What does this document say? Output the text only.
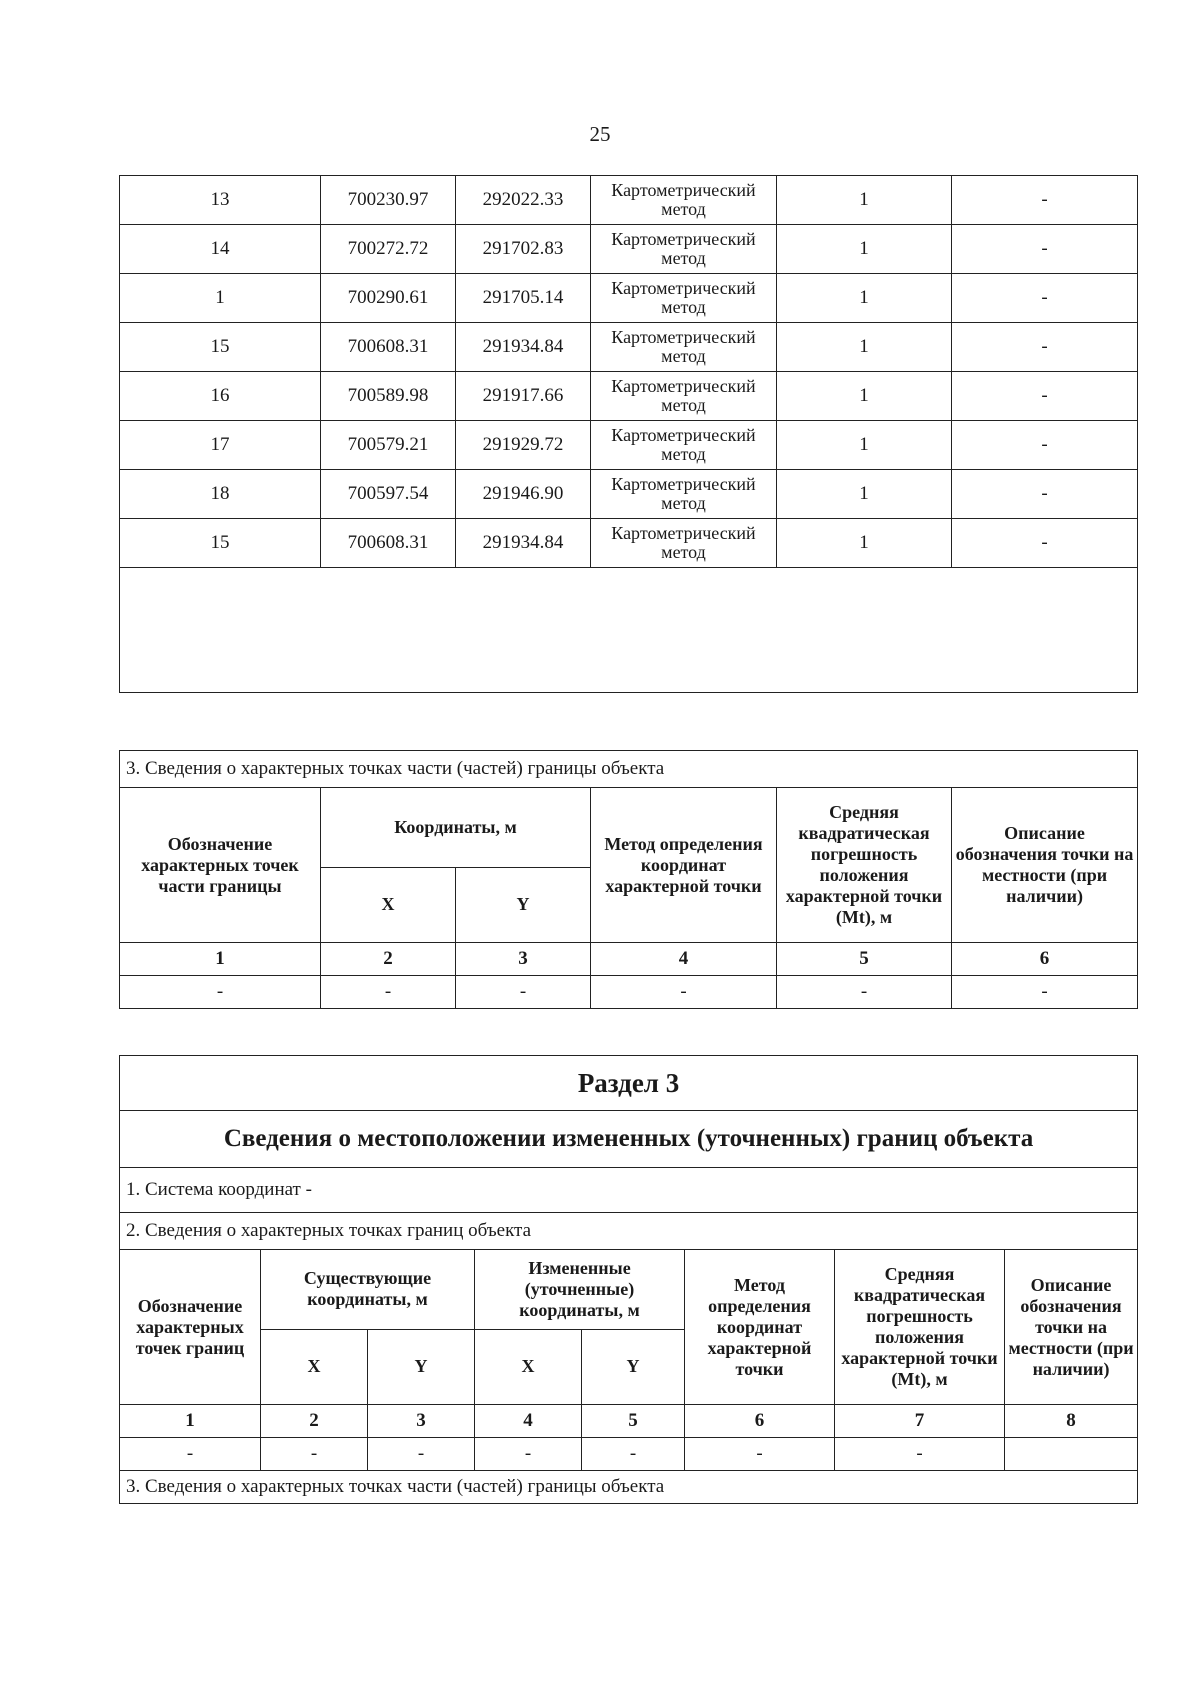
25
13	700230.97	292022.33	Картометрический метод	1	-
14	700272.72	291702.83	Картометрический метод	1	-
1	700290.61	291705.14	Картометрический метод	1	-
15	700608.31	291934.84	Картометрический метод	1	-
16	700589.98	291917.66	Картометрический метод	1	-
17	700579.21	291929.72	Картометрический метод	1	-
18	700597.54	291946.90	Картометрический метод	1	-
15	700608.31	291934.84	Картометрический метод	1	-

3. Сведения о характерных точках части (частей) границы объекта					
Обозначение характерных точек части границы	Координаты, м		Метод определения координат характерной точки	Средняя квадратическая погрешность положения характерной точки (Mt), м	Описание обозначения точки на местности (при наличии)
	X	Y			
1	2	3	4	5	6
-	-	-	-	-	-
Раздел 3							
Сведения о местоположении измененных (уточненных) границ объекта							
1. Система координат -							
2. Сведения о характерных точках границ объекта							
Обозначение характерных точек границ	Существующие координаты, м		Измененные (уточненные) координаты, м		Метод определения координат характерной точки	Средняя квадратическая погрешность положения характерной точки (Mt), м	Описание обозначения точки на местности (при наличии)
	X	Y	X	Y			
1	2	3	4	5	6	7	8
-	-	-	-	-	-	-	
3. Сведения о характерных точках части (частей) границы объекта							
